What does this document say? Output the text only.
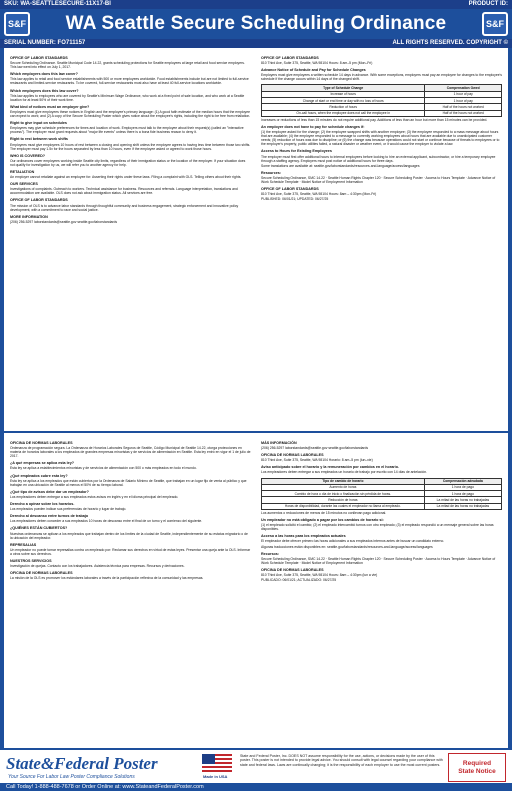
SKU: WA-SEATTLESECURE-11X17-BI	PRODUCT ID:
S&F WA Seattle Secure Scheduling Ordinance	S&F
SERIAL NUMBER: FO711157	ALL RIGHTS RESERVED. COPYRIGHT ©
OFFICE OF LABOR STANDARDS

Secure Scheduling Ordinance. Seattle Municipal Code 14.22, grants scheduling protections for Seattle employees at large retail and food service employers. This law went into effect on July 1, 2017.

Which employers does this law cover?

This law applies to retail and food service establishments with 500 or more employees worldwide. Food establishments include but are not limited to full-service restaurants and limited-service restaurants. To be covered, full-service restaurants must also have at least 40 full-service locations worldwide.

Which employees does this law cover?

This law applies to employees who are covered by Seattle's Minimum Wage Ordinance, who work at a fixed point of sale location, and who work at a Seattle location for at least 50% of their work time.

What kind of notices must an employer give?

Employers must give employees these notices in English and the employee's primary language: (1) A good faith estimate of the median hours that the employee can expect to work; and (2) A copy of the Secure Scheduling Poster which gives notice about the employee's rights, including the right to be free from retaliation.

Right to give input on schedules

Employees may give schedule preferences for times and location of work. Employers must talk to the employee about their request(s) (called an "interactive process"). The employer must grant requests about "major life events" unless there is a bona fide business reason to deny it.

Right to rest between work shifts

Employees must give employees 10 hours of rest between a closing and opening shift unless the employee agrees to having less time between those two shifts. The employer must pay 1.5x for the hours separated by less than 10 hours, even if the employee asked or agreed to work those hours.

WHO IS COVERED?

Our ordinances cover employees working inside Seattle city limits, regardless of their immigration status or the location of the employer. If your situation does not qualify for investigation by us, we will refer you to another agency for help.

RETALIATION

An employer cannot retaliate against an employee for: Asserting their rights under these laws. Filing a complaint with OLS. Telling others about their rights.

OUR SERVICES

Investigations of complaints. Outreach to workers. Technical assistance for business. Resources and referrals. Language interpretation, translations and accommodation are available. OLS does not ask about immigration status. All services are free.

OFFICE OF LABOR STANDARDS

The mission of OLS is to advance labor standards through thoughtful community and business engagement, strategic enforcement and innovative policy development, with a commitment to race and social justice.

MORE INFORMATION

(206) 256-5297 laborstandards@seattle.gov seattle.gov/laborstandards

OFFICE OF LABOR STANDARDS

810 Third Ave, Suite 375, Seattle, WA 98104 Hours: 8 am–5 pm (Mon–Fri)

Advance Notice of Schedule and Pay for Schedule Changes

Employers must give employees a written schedule 14 days in advance. With some exceptions, employers must pay an employee for changes to the employee's schedule if the change occurs within 14 days of the changed shift.

Type of Schedule Change	Compensation Owed
Increase of hours	1 hour of pay
Change of start or end time or day with no loss of hours	1 hour of pay
Reduction of hours	Half of the hours not worked
On-call hours, when the employee does not call the employee in	Half of the hours not worked

Increases or reductions of less than 15 minutes do not require additional pay. Additions of less than an hour but more than 15 minutes can be provided.

An employer does not have to pay for schedule changes if:

(1) the employee asked for the change; (2) the employee swapped shifts with another employee; (3) the employee responded to a mass message about hours that are available; (4) the employee responded to a message to currently working employees about hours that are available due to unanticipated customer needs; (5) reduction of hours was due to discipline; or (6) the change was because operations could not start or continue because of threats to employees or to the employer's property, public utilities failed, a natural disaster or weather event, or it would cause the employer to violate a law.

Access to Hours for Existing Employees

The employer must first offer additional hours to internal employees before looking to hire an external applicant, subcontractor, or hire a temporary employee through a staffing agency. Employers must post notice of additional hours for three days.

Some translations are available at: seattle.gov/laborstandards/resources-and-language/access/languages

Resources:

Secure Scheduling Ordinance, SMC 14.22 · Seattle Human Rights Chapter 120 · Secure Scheduling Poster · Access to Hours Template · Advance Notice of Work Schedule Template · Model Notice of Employment Information

OFFICE OF LABOR STANDARDS

810 Third Ave, Suite 375, Seattle, WA 98104 Hours: 8am – 4:30pm (Mon-Fri)

PUBLISHED: 06/01/21; UPDATED: 06/27/25

OFICINA DE NORMAS LABORALES

Ordenanza de programación segura. La Ordenanza de Horarios Laborales Seguros de Seattle, Código Municipal de Seattle 14.22, otorga protecciones en materia de horarios laborales a los empleados de grandes empresas minoristas y de servicios de alimentación en Seattle. Esta ley entró en vigor el 1 de julio de 2017.

¿A qué empresas se aplica esta ley?

Esta ley se aplica a establecimientos minoristas y de servicios de alimentación con 500 o más empleados en todo el mundo.

¿Qué empleados cubre esta ley?

Esta ley se aplica a los empleados que están cubiertos por la Ordenanza de Salario Mínimo de Seattle, que trabajan en un lugar fijo de venta al público y que trabajan en una ubicación de Seattle al menos el 50% de su tiempo laboral.

¿Qué tipo de avisos debe dar un empleador?

Los empleadores deben entregar a sus empleados estos avisos en inglés y en el idioma principal del empleado.

Derecho a opinar sobre los horarios.

Los empleados pueden indicar sus preferencias de horario y lugar de trabajo.

Derecho al descanso entre turnos de trabajo

Los empleadores deben conceder a sus empleados 10 horas de descanso entre el final de un turno y el comienzo del siguiente.

¿QUIÉNES ESTÁN CUBIERTOS?

Nuestras ordenanzas se aplican a los empleados que trabajan dentro de los límites de la ciudad de Seattle, independientemente de su estatus migratorio o de la ubicación del empleador.

REPRESALIAS

Un empleador no puede tomar represalias contra un empleado por: Reclamar sus derechos en virtud de estas leyes. Presentar una queja ante la OLS. Informar a otros sobre sus derechos.

NUESTROS SERVICIOS

Investigación de quejas. Contacto con los trabajadores. Asistencia técnica para empresas. Recursos y derivaciones.

OFICINA DE NORMAS LABORALES

La misión de la OLS es promover los estándares laborales a través de la participación reflexiva de la comunidad y las empresas.

MÁS INFORMACIÓN

(206) 256-5297 laborstandards@seattle.gov seattle.gov/laborstandards

OFICINA DE NORMAS LABORALES

810 Third Ave, Suite 375, Seattle, WA 98104 Horario: 8 am–5 pm (lun–vie)

Aviso anticipado sobre el horario y la remuneración por cambios en el horario.

Los empleadores deben entregar a sus empleados un horario de trabajo por escrito con 14 días de antelación.

Tipo de cambio de horario	Compensación adeudada
Aumento de horas	1 hora de pago
Cambio de hora o día de inicio o finalización sin pérdida de horas.	1 hora de pago
Reducción de horas	La mitad de las horas no trabajadas
Horas de disponibilidad, durante las cuales el empleador no llama al empleado.	La mitad de las horas no trabajadas

Los aumentos o reducciones de menos de 15 minutos no conllevan pago adicional.

Un empleador no está obligado a pagar por los cambios de horario si:

(1) el empleado solicitó el cambio; (2) el empleado intercambió turnos con otro empleado; (3) el empleado respondió a un mensaje general sobre las horas disponibles.

Acceso a las horas para los empleados actuales

El empleador debe ofrecer primero las horas adicionales a sus empleados internos antes de buscar un candidato externo.

Algunas traducciones están disponibles en: seattle.gov/laborstandards/resources-and-language/access/languages

Recursos:

Secure Scheduling Ordinance, SMC 14.22 · Seattle Human Rights Chapter 120 · Secure Scheduling Poster · Access to Hours Template · Advance Notice of Work Schedule Template · Model Notice of Employment Information

OFICINA DE NORMAS LABORALES

810 Third Ave, Suite 375, Seattle, WA 98104 Hours: 8am – 4:30pm (lun a vie)

PUBLICADO: 06/01/21; ACTUALIZADO: 06/27/25

State&Federal Poster
Your Source For Labor Law Poster Compliance Solutions	Made in USA
State and Federal Poster, Inc. DOES NOT assume responsibility for the use, actions, or decisions made by the user of this poster. This poster is not intended to provide legal advice. You should consult with legal counsel regarding your compliance with state and federal laws. Laws are continually changing; it is the responsibility of each employer to use the most current posters.	Required
State Notice
Call Today! 1-888-488-7678 or Order Online at: www.StateandFederalPoster.com
